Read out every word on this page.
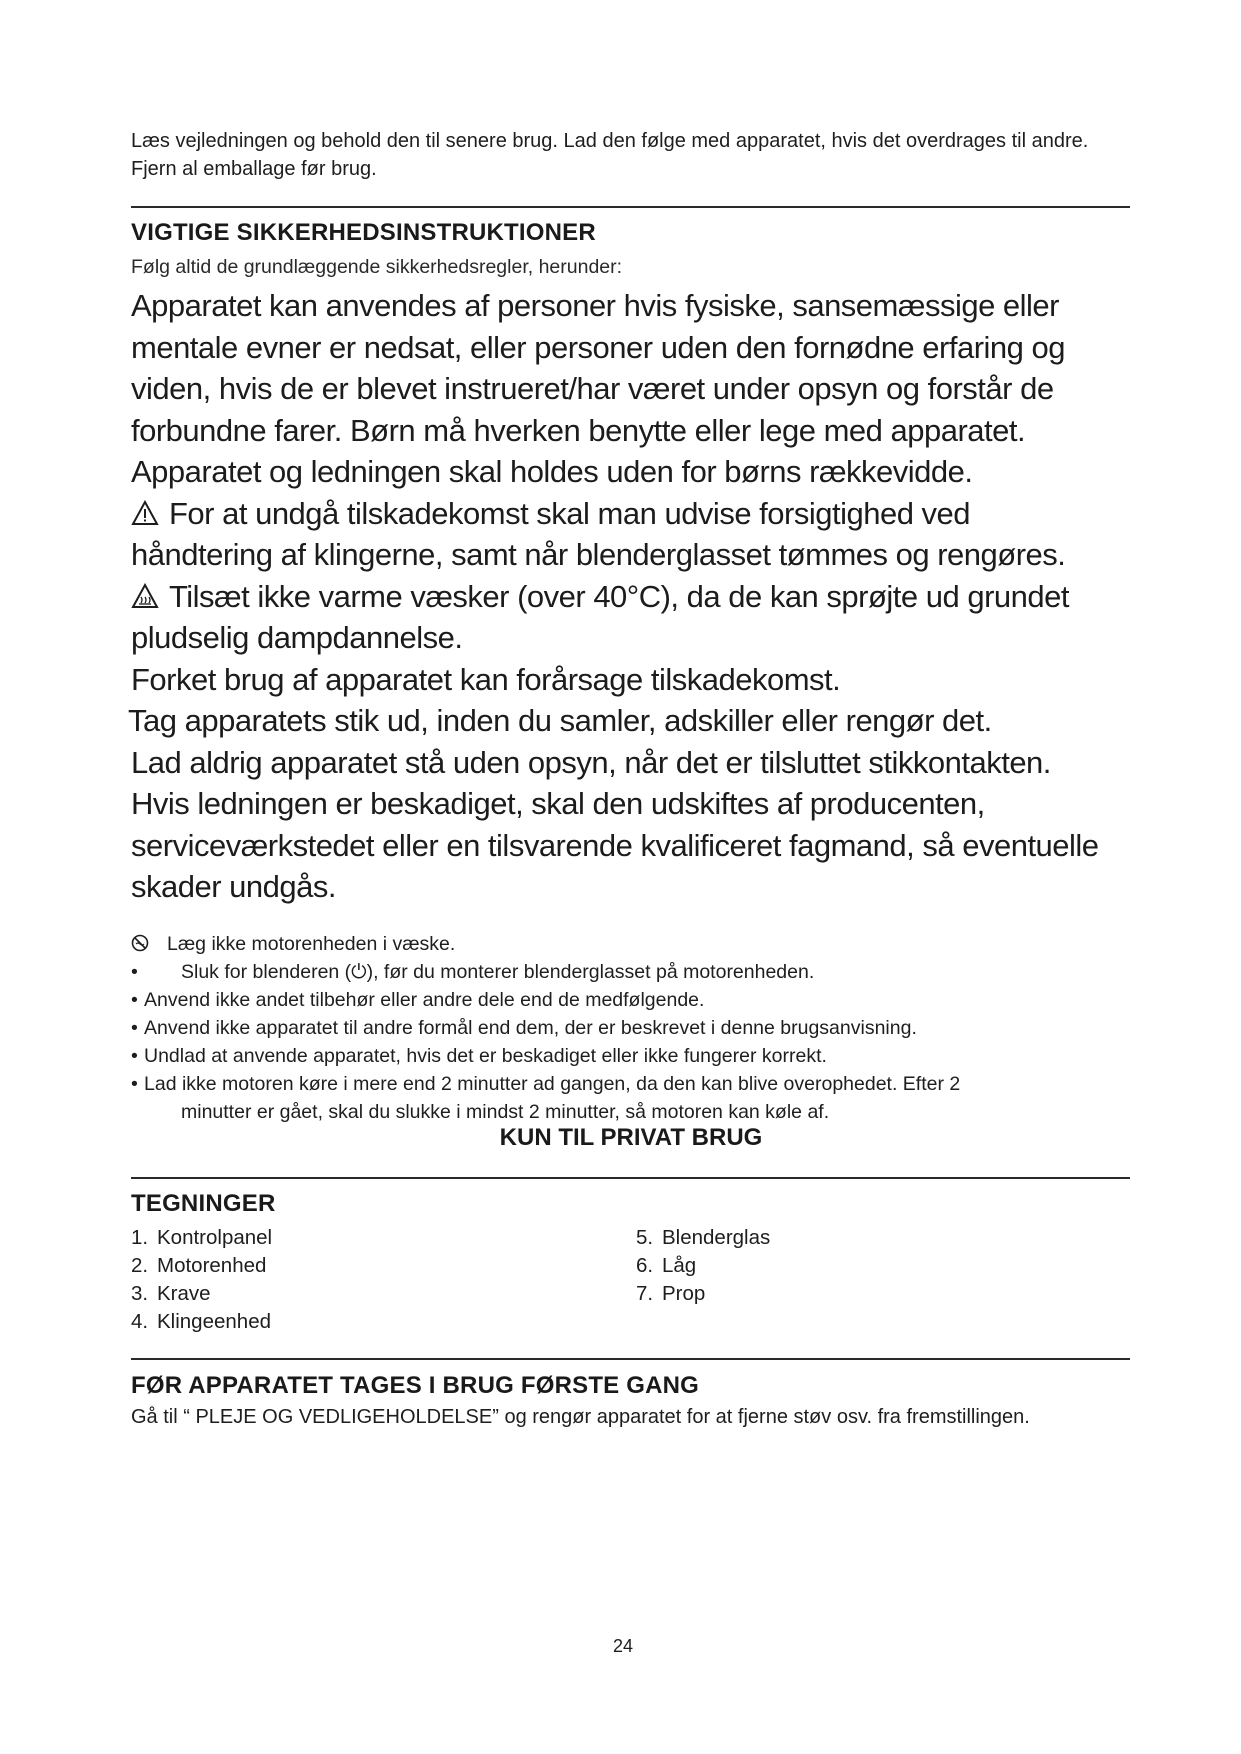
Læs vejledningen og behold den til senere brug. Lad den følge med apparatet, hvis det overdrages til andre. Fjern al emballage før brug.
VIGTIGE SIKKERHEDSINSTRUKTIONER
Følg altid de grundlæggende sikkerhedsregler, herunder:

Apparatet kan anvendes af personer hvis fysiske, sansemæssige eller

mentale evner er nedsat, eller personer uden den fornødne erfaring og

viden, hvis de er blevet instrueret/har været under opsyn og forstår de

forbundne farer. Børn må hverken benytte eller lege med apparatet.

Apparatet og ledningen skal holdes uden for børns rækkevidde.

For at undgå tilskadekomst skal man udvise forsigtighed ved

håndtering af klingerne, samt når blenderglasset tømmes og rengøres.

Tilsæt ikke varme væsker (over 40°C), da de kan sprøjte ud grundet

pludselig dampdannelse.

Forket brug af apparatet kan forårsage tilskadekomst.

Tag apparatets stik ud, inden du samler, adskiller eller rengør det.

Lad aldrig apparatet stå uden opsyn, når det er tilsluttet stikkontakten.

Hvis ledningen er beskadiget, skal den udskiftes af producenten,

serviceværkstedet eller en tilsvarende kvalificeret fagmand, så eventuelle

skader undgås.

Læg ikke motorenheden i væske.
• Sluk for blenderen (⏻), før du monterer blenderglasset på motorenheden.
• Anvend ikke andet tilbehør eller andre dele end de medfølgende.
• Anvend ikke apparatet til andre formål end dem, der er beskrevet i denne brugsanvisning.
• Undlad at anvende apparatet, hvis det er beskadiget eller ikke fungerer korrekt.
• Lad ikke motoren køre i mere end 2 minutter ad gangen, da den kan blive overophedet. Efter 2
minutter er gået, skal du slukke i mindst 2 minutter, så motoren kan køle af.
KUN TIL PRIVAT BRUG
TEGNINGER
1. Kontrolpanel
2. Motorenhed
3. Krave
4. Klingeenhed
5. Blenderglas
6. Låg
7. Prop
FØR APPARATET TAGES I BRUG FØRSTE GANG
Gå til “ PLEJE OG VEDLIGEHOLDELSE” og rengør apparatet for at fjerne støv osv. fra fremstillingen.
24
